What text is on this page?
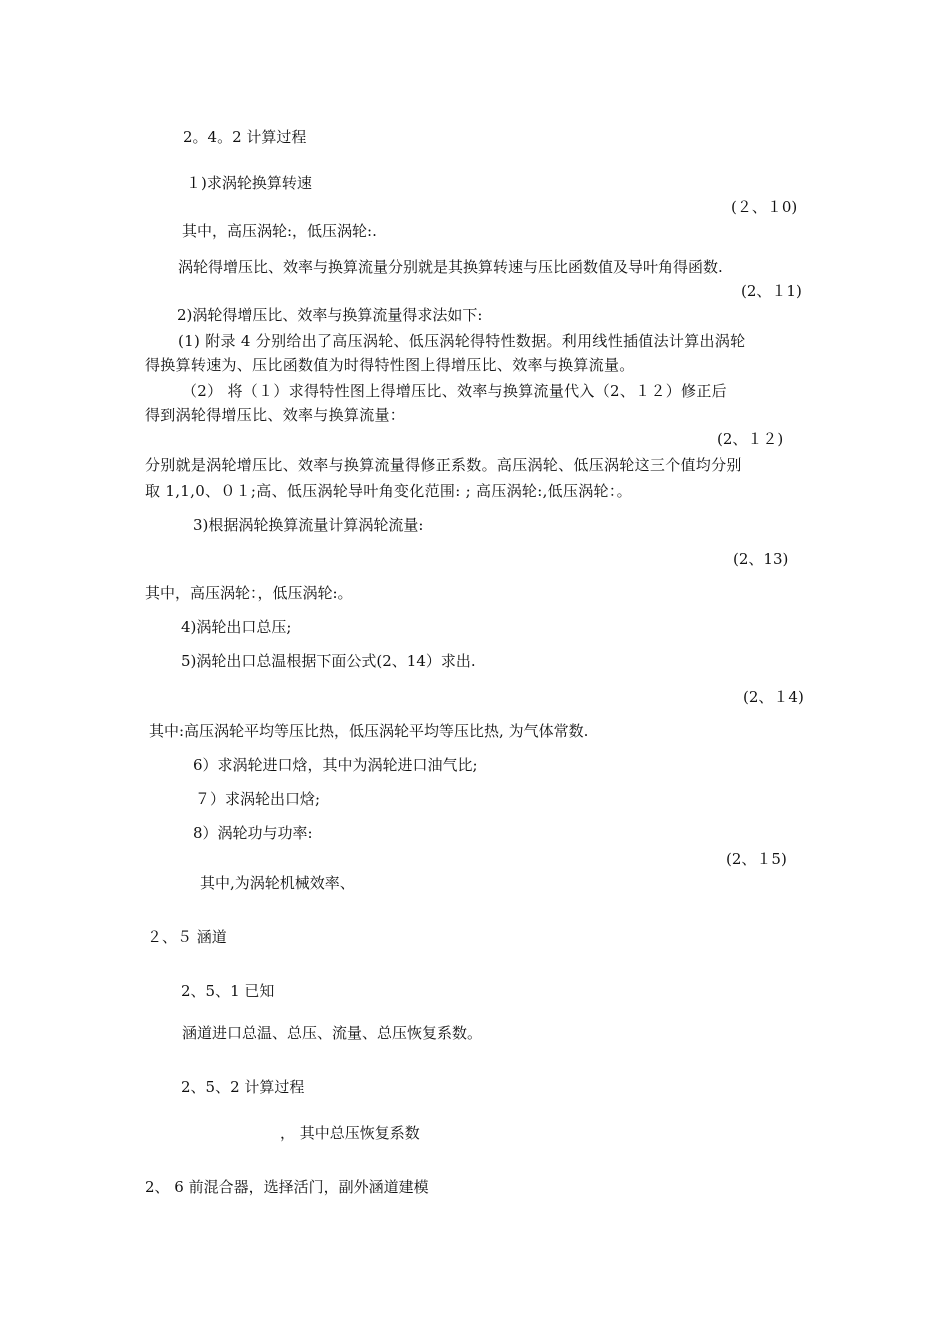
2。4。2 计算过程
１)求涡轮换算转速
(２、１0)
其中，高压涡轮:，低压涡轮:.
涡轮得增压比、效率与换算流量分别就是其换算转速与压比函数值及导叶角得函数.
(2、１1)
2)涡轮得增压比、效率与换算流量得求法如下:
(1) 附录 4 分别给出了高压涡轮、低压涡轮得特性数据。利用线性插值法计算出涡轮
得换算转速为、压比函数值为时得特性图上得增压比、效率与换算流量。
（2） 将（１）求得特性图上得增压比、效率与换算流量代入（2、１２）修正后
得到涡轮得增压比、效率与换算流量：
(2、１２)
分别就是涡轮增压比、效率与换算流量得修正系数。高压涡轮、低压涡轮这三个值均分别
取 1,1,0、０１;高、低压涡轮导叶角变化范围: ; 高压涡轮:,低压涡轮：。
3)根据涡轮换算流量计算涡轮流量:
(2、13)
其中，高压涡轮：，低压涡轮:。
4)涡轮出口总压;
5)涡轮出口总温根据下面公式(2、14）求出.
(2、１4)
其中:高压涡轮平均等压比热，低压涡轮平均等压比热, 为气体常数.
6）求涡轮进口焓，其中为涡轮进口油气比;
７）求涡轮出口焓;
8）涡轮功与功率:
(2、１5)
其中,为涡轮机械效率、
２、５ 涵道
2、5、1 已知
涵道进口总温、总压、流量、总压恢复系数。
2、5、2 计算过程
， 其中总压恢复系数
2、 6 前混合器，选择活门，副外涵道建模
